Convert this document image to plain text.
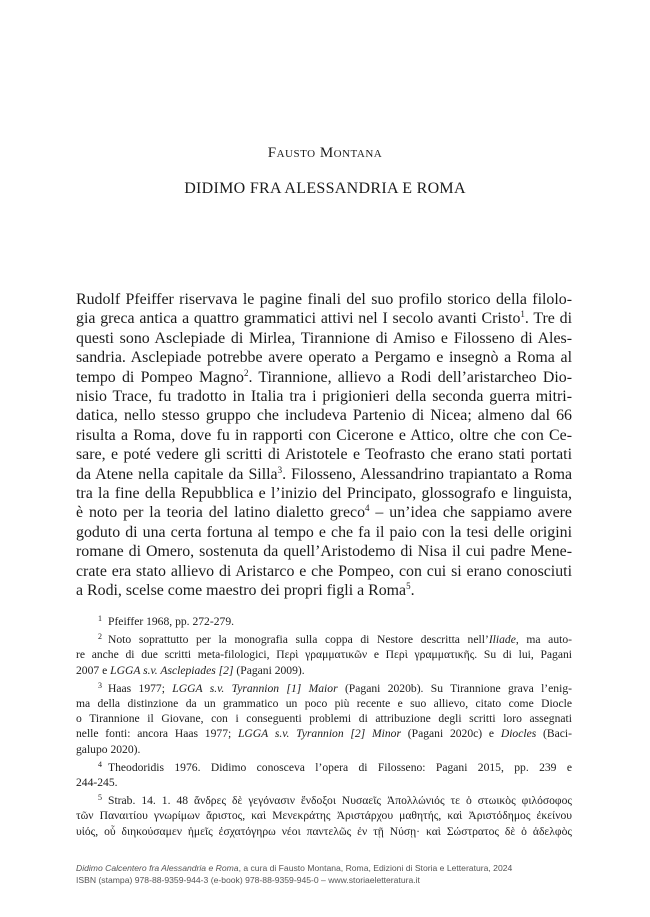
Fausto Montana
DIDIMO FRA ALESSANDRIA E ROMA
Rudolf Pfeiffer riservava le pagine finali del suo profilo storico della filolo-
gia greca antica a quattro grammatici attivi nel I secolo avanti Cristo$^1$. Tre di
questi sono Asclepiade di Mirlea, Tirannione di Amiso e Filosseno di Ales-
sandria. Asclepiade potrebbe avere operato a Pergamo e insegnò a Roma al
tempo di Pompeo Magno$^2$. Tirannione, allievo a Rodi dell’aristarcheo Dio-
nisio Trace, fu tradotto in Italia tra i prigionieri della seconda guerra mitri-
datica, nello stesso gruppo che includeva Partenio di Nicea; almeno dal 66
risulta a Roma, dove fu in rapporti con Cicerone e Attico, oltre che con Ce-
sare, e poté vedere gli scritti di Aristotele e Teofrasto che erano stati portati
da Atene nella capitale da Silla$^3$. Filosseno, Alessandrino trapiantato a Roma
tra la fine della Repubblica e l’inizio del Principato, glossografo e linguista,
è noto per la teoria del latino dialetto greco$^4$ – un’idea che sappiamo avere
goduto di una certa fortuna al tempo e che fa il paio con la tesi delle origini
romane di Omero, sostenuta da quell’Aristodemo di Nisa il cui padre Mene-
crate era stato allievo di Aristarco e che Pompeo, con cui si erano conosciuti
a Rodi, scelse come maestro dei propri figli a Roma$^5$.
$^1$ Pfeiffer 1968, pp. 272-279.
$^2$ Noto soprattutto per la monografia sulla coppa di Nestore descritta nell’Iliade, ma auto-
re anche di due scritti meta-filologici, Περὶ γραμματικῶν e Περὶ γραμματικῆς. Su di lui, Pagani
2007 e LGGA s.v. Asclepiades [2] (Pagani 2009).
$^3$ Haas 1977; LGGA s.v. Tyrannion [1] Maior (Pagani 2020b). Su Tirannione grava l’enig-
ma della distinzione da un grammatico un poco più recente e suo allievo, citato come Diocle
o Tirannione il Giovane, con i conseguenti problemi di attribuzione degli scritti loro assegnati
nelle fonti: ancora Haas 1977; LGGA s.v. Tyrannion [2] Minor (Pagani 2020c) e Diocles (Baci-
galupo 2020).
$^4$ Theodoridis 1976. Didimo conosceva l’opera di Filosseno: Pagani 2015, pp. 239 e
244-245.
$^5$ Strab. 14. 1. 48 ἄνδρες δὲ γεγόνασιν ἔνδοξοι Νυσαεῖς Ἀπολλώνιός τε ὁ στωικὸς φιλόσοφος
τῶν Παναιτίου γνωρίμων ἄριστος, καὶ Μενεκράτης Ἀριστάρχου μαθητής, καὶ Ἀριστόδημος ἐκείνου
υἱός, οὗ διηκούσαμεν ἡμεῖς ἐσχατόγηρω νέοι παντελῶς ἐν τῇ Νύσῃ· καὶ Σώστρατος δὲ ὁ ἀδελφὸς
Didimo Calcentero fra Alessandria e Roma, a cura di Fausto Montana, Roma, Edizioni di Storia e Letteratura, 2024
ISBN (stampa) 978-88-9359-944-3 (e-book) 978-88-9359-945-0 – www.storiaeletteratura.it
